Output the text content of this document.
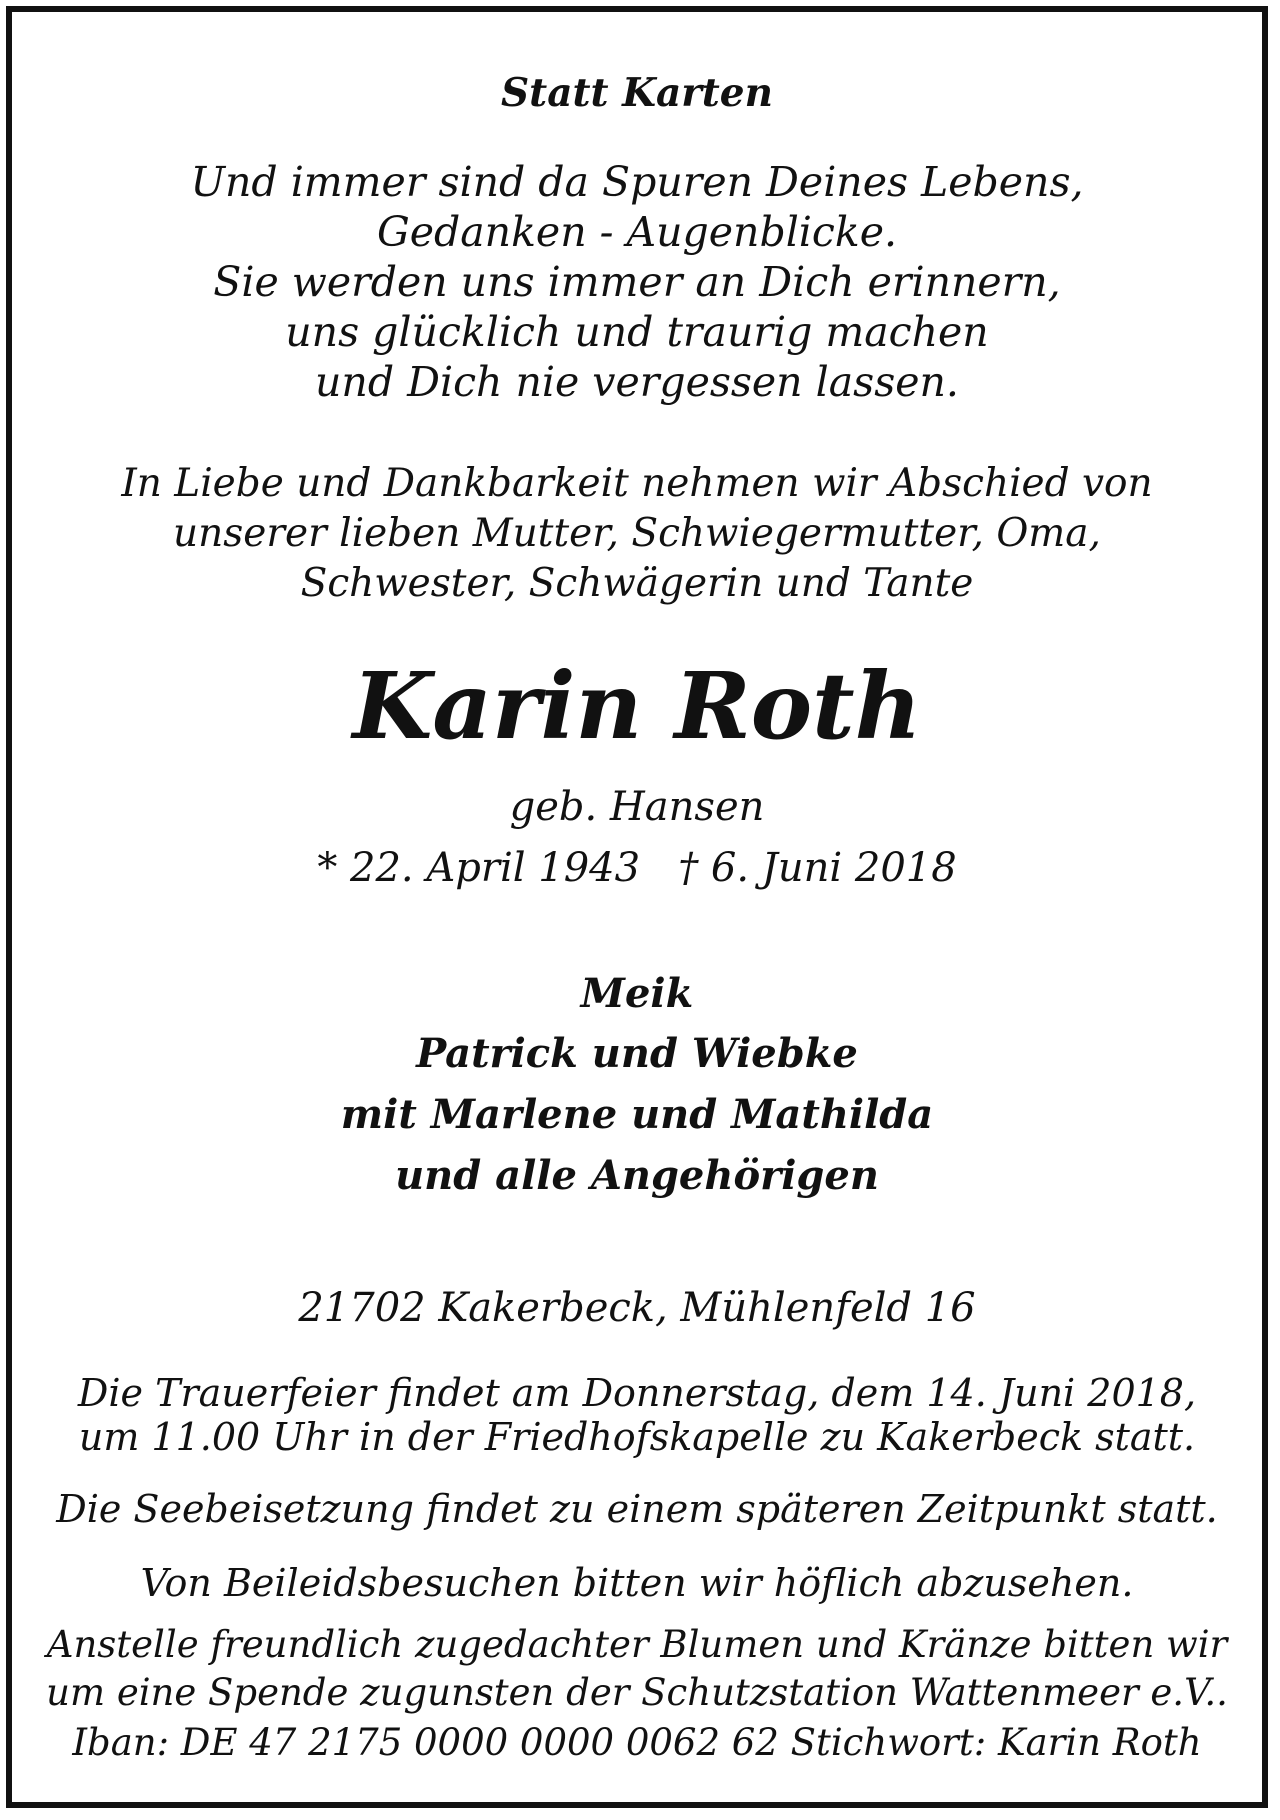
Statt Karten
Und immer sind da Spuren Deines Lebens,
Gedanken - Augenblicke.
Sie werden uns immer an Dich erinnern,
uns glücklich und traurig machen
und Dich nie vergessen lassen.
In Liebe und Dankbarkeit nehmen wir Abschied von
unserer lieben Mutter, Schwiegermutter, Oma,
Schwester, Schwägerin und Tante
Karin Roth
geb. Hansen
* 22. April 1943   † 6. Juni 2018
Meik
Patrick und Wiebke
mit Marlene und Mathilda
und alle Angehörigen
21702 Kakerbeck, Mühlenfeld 16
Die Trauerfeier findet am Donnerstag, dem 14. Juni 2018,
um 11.00 Uhr in der Friedhofskapelle zu Kakerbeck statt.
Die Seebeisetzung findet zu einem späteren Zeitpunkt statt.
Von Beileidsbesuchen bitten wir höflich abzusehen.
Anstelle freundlich zugedachter Blumen und Kränze bitten wir
um eine Spende zugunsten der Schutzstation Wattenmeer e.V..
Iban: DE 47 2175 0000 0000 0062 62 Stichwort: Karin Roth
